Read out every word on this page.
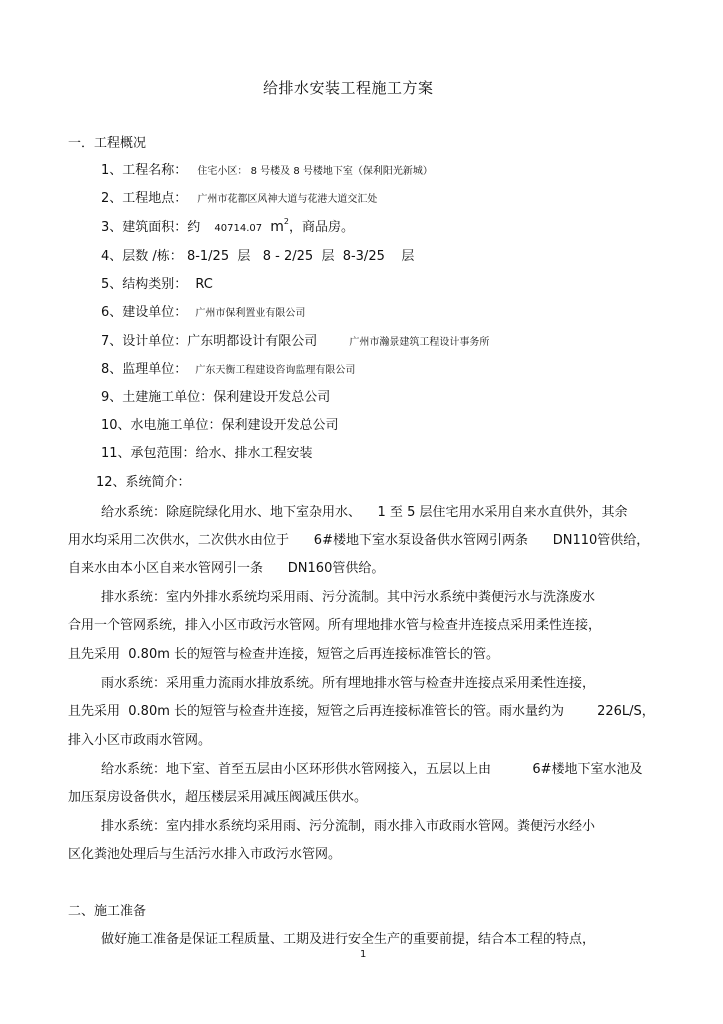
给排水安装工程施工方案
一．工程概况
1、工程名称： 住宅小区： 8 号楼及 8 号楼地下室（保利阳光新城）
2、工程地点： 广州市花都区风神大道与花港大道交汇处
3、建筑面积：约 40714.07 $m^2$，商品房。
4、层数 /栋： 8-1/25  层   8 - 2/25  层  8-3/25    层
5、结构类别： RC
6、建设单位： 广州市保利置业有限公司
7、设计单位：广东明都设计有限公司	广州市瀚景建筑工程设计事务所
8、监理单位： 广东天衡工程建设咨询监理有限公司
9、土建施工单位：保利建设开发总公司
10、水电施工单位：保利建设开发总公司
11、承包范围：给水、排水工程安装
12、系统简介：
给水系统：除庭院绿化用水、地下室杂用水、    1 至 5 层住宅用水采用自来水直供外，其余
用水均采用二次供水，二次供水由位于      6#楼地下室水泵设备供水管网引两条      DN110管供给，
自来水由本小区自来水管网引一条      DN160管供给。
排水系统：室内外排水系统均采用雨、污分流制。其中污水系统中粪便污水与洗涤废水
合用一个管网系统，排入小区市政污水管网。所有埋地排水管与检查井连接点采用柔性连接，
且先采用  0.80m 长的短管与检查井连接，短管之后再连接标准管长的管。
雨水系统：采用重力流雨水排放系统。所有埋地排水管与检查井连接点采用柔性连接，
且先采用  0.80m 长的短管与检查井连接，短管之后再连接标准管长的管。雨水量约为        226L/S，
排入小区市政雨水管网。
给水系统：地下室、首至五层由小区环形供水管网接入，五层以上由          6#楼地下室水池及
加压泵房设备供水，超压楼层采用减压阀减压供水。
排水系统：室内排水系统均采用雨、污分流制，雨水排入市政雨水管网。粪便污水经小
区化粪池处理后与生活污水排入市政污水管网。
二、施工准备
做好施工准备是保证工程质量、工期及进行安全生产的重要前提，结合本工程的特点，
1
